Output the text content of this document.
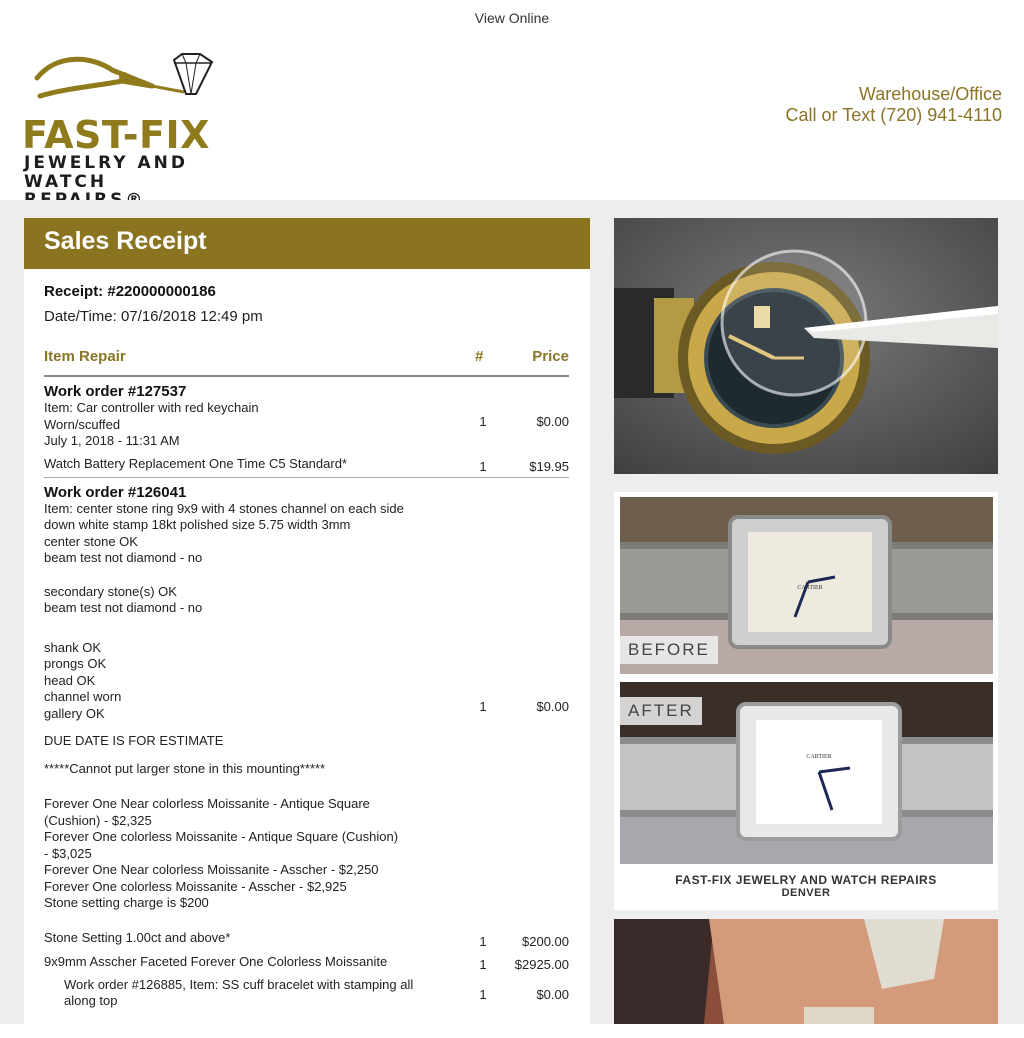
View Online
FAST-FIX
JEWELRY AND
WATCH
Warehouse/Office
Call or Text (720) 941-4110
Sales Receipt
Receipt: #220000000186
Date/Time: 07/16/2018 12:49 pm
Item Repair	#	Price
Work order #127537
Item: Car controller with red keychain
Worn/scuffed
July 1, 2018 - 11:31 AM
1	$0.00
Watch Battery Replacement One Time C5 Standard*	1	$19.95
Work order #126041
Item: center stone ring 9x9 with 4 stones channel on each side
down white stamp 18kt polished size 5.75 width 3mm
center stone OK
beam test not diamond - no
secondary stone(s) OK
beam test not diamond - no
shank OK
prongs OK
head OK
channel worn
gallery OK	1	$0.00
DUE DATE IS FOR ESTIMATE
*****Cannot put larger stone in this mounting*****
Forever One Near colorless Moissanite - Antique Square
(Cushion) - $2,325
Forever One colorless Moissanite - Antique Square (Cushion)
- $3,025
Forever One Near colorless Moissanite - Asscher - $2,250
Forever One colorless Moissanite - Asscher - $2,925
Stone setting charge is $200
Stone Setting 1.00ct and above*	1	$200.00
9x9mm Asscher Faceted Forever One Colorless Moissanite	1 $2925.00
Work order #126885, Item: SS cuff bracelet with stamping all
along top	1	$0.00
CARTIER
BEFORE
CARTIER
AFTER
FAST-FIX JEWELRY AND WATCH REPAIRS
DENVER
